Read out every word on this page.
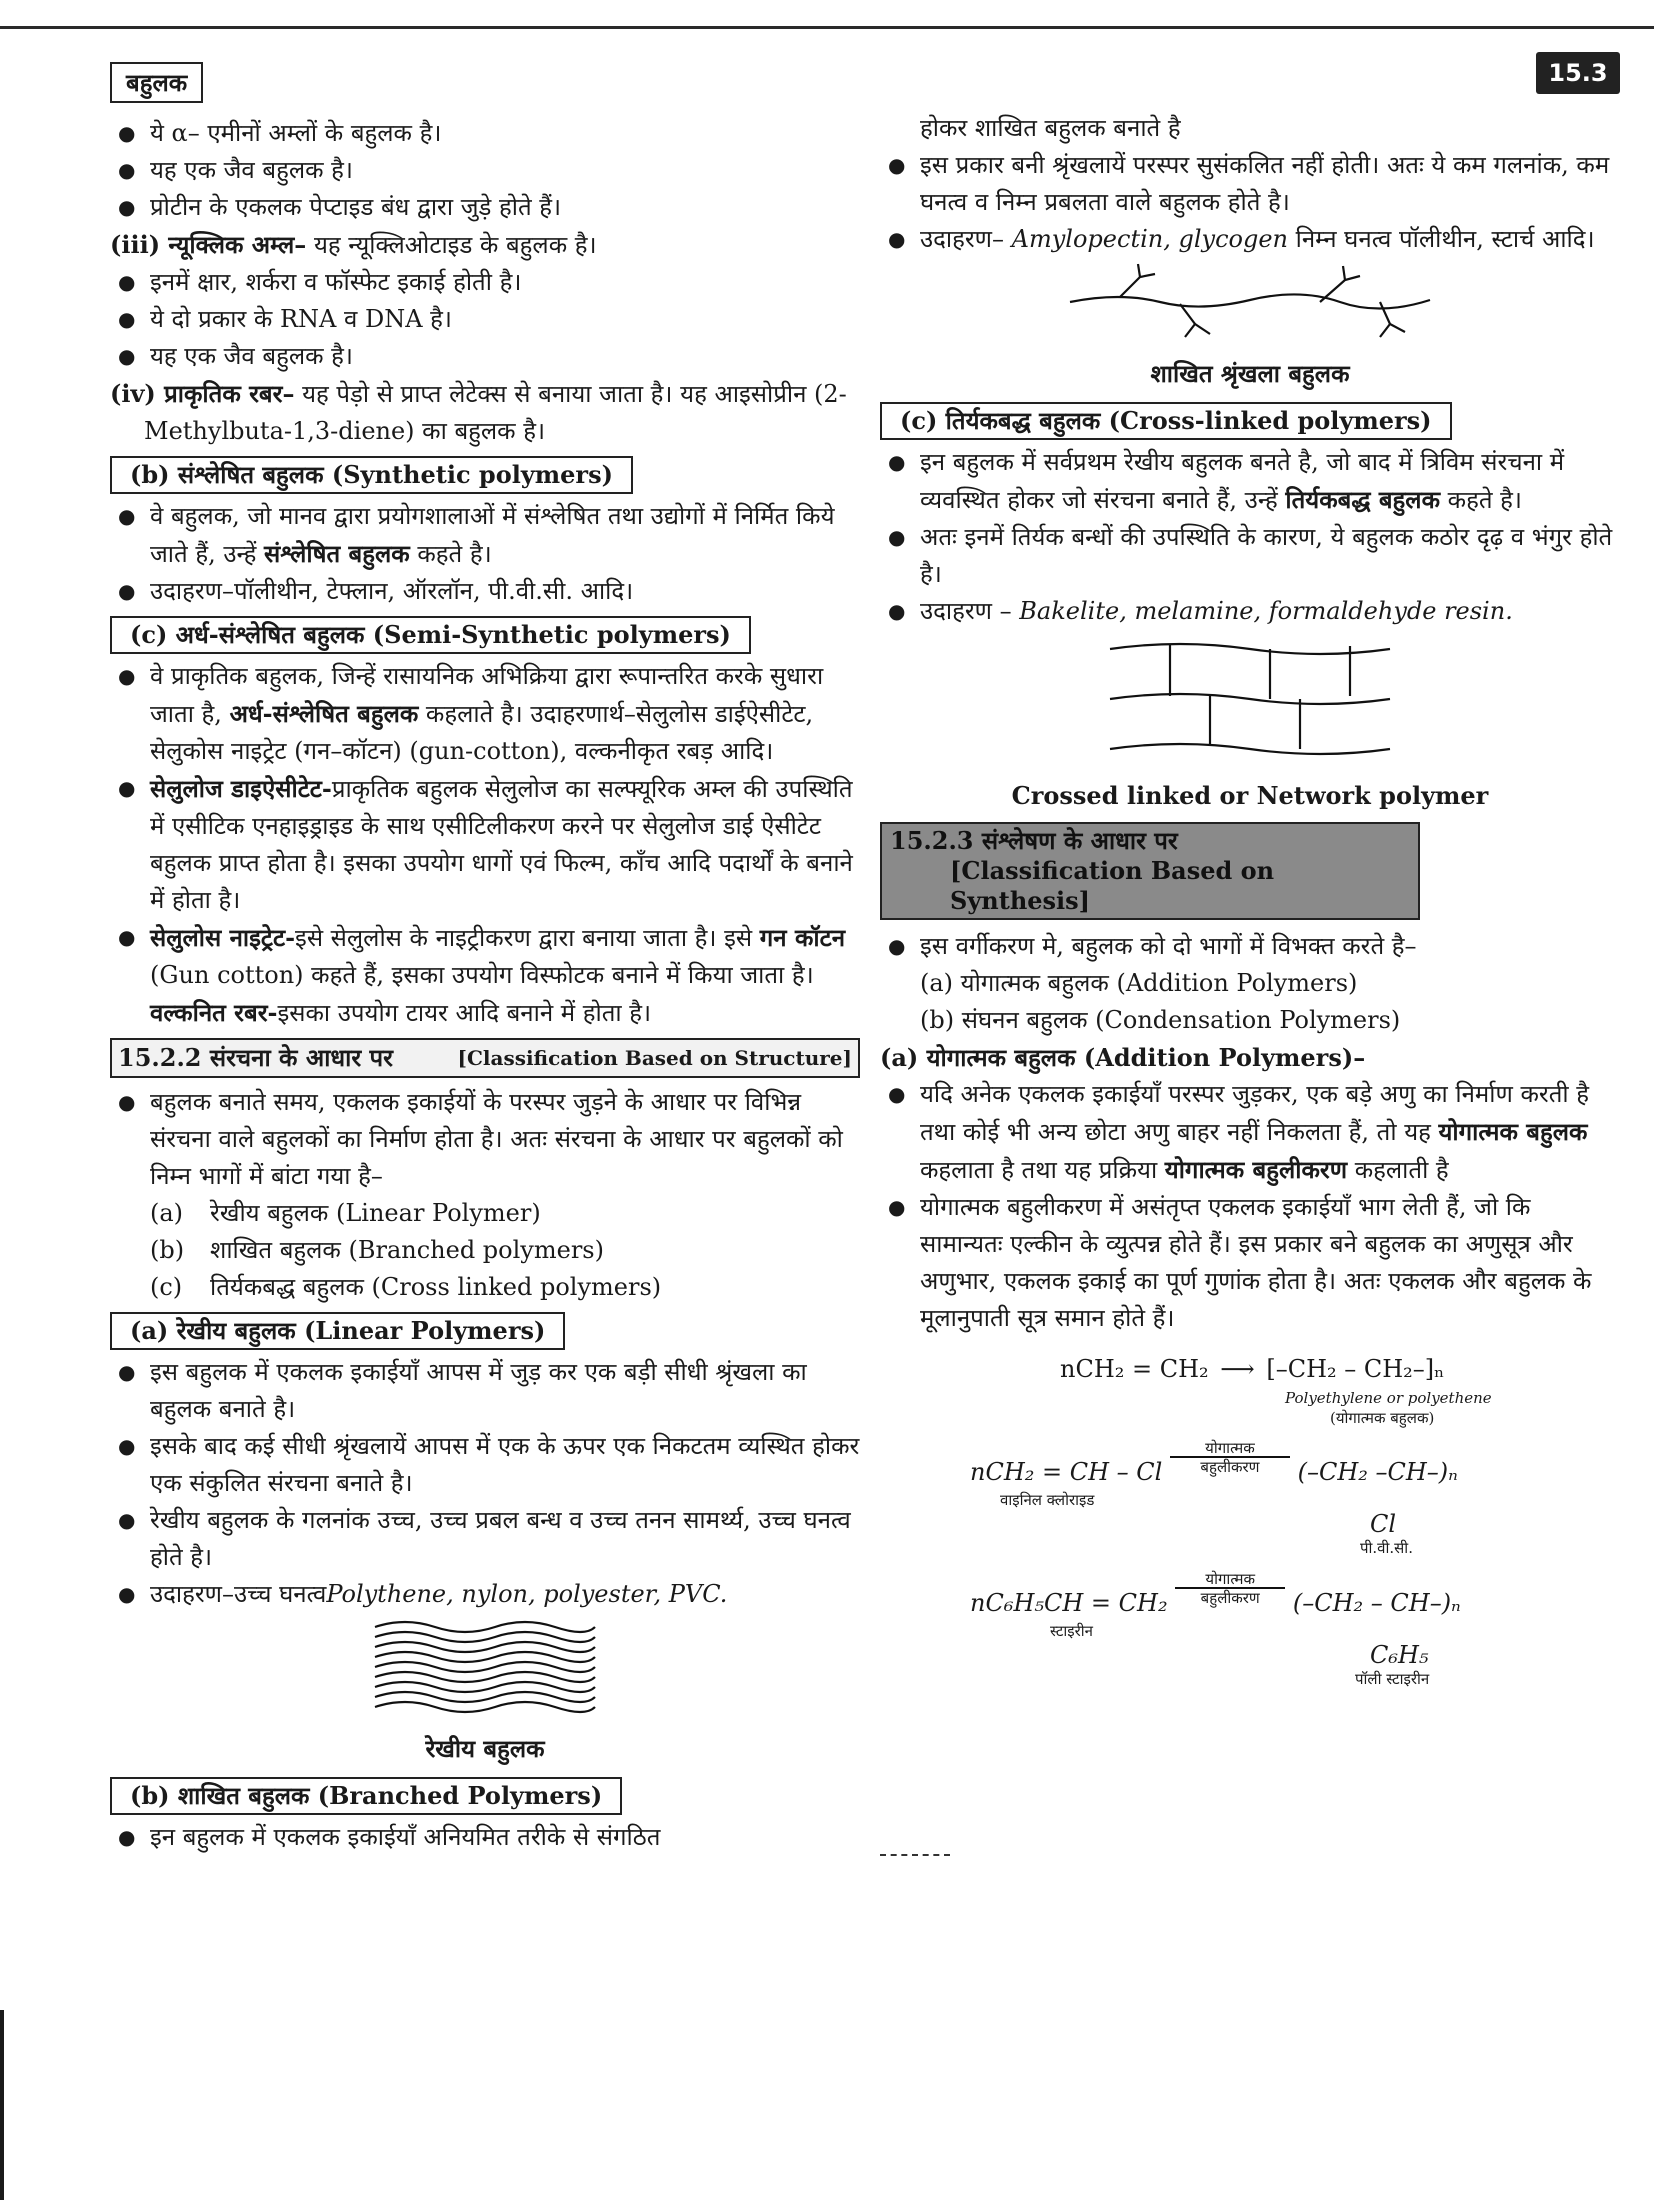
बहुलक	15.3

● ये α– एमीनों अम्लों के बहुलक है।

● यह एक जैव बहुलक है।

● प्रोटीन के एकलक पेप्टाइड बंध द्वारा जुड़े होते हैं।

(iii) न्यूक्लिक अम्ल– यह न्यूक्लिओटाइड के बहुलक है।

● इनमें क्षार, शर्करा व फॉस्फेट इकाई होती है।

● ये दो प्रकार के RNA व DNA है।

● यह एक जैव बहुलक है।

(iv) प्राकृतिक रबर– यह पेड़ो से प्राप्त लेटेक्स से बनाया जाता है। यह आइसोप्रीन (2-Methylbuta-1,3-diene) का बहुलक है।

(b) संश्लेषित बहुलक (Synthetic polymers)

● वे बहुलक, जो मानव द्वारा प्रयोगशालाओं में संश्लेषित तथा उद्योगों में निर्मित किये जाते हैं, उन्हें संश्लेषित बहुलक कहते है।

● उदाहरण–पॉलीथीन, टेफ्लान, ऑरलॉन, पी.वी.सी. आदि।

(c) अर्ध-संश्लेषित बहुलक (Semi-Synthetic polymers)

● वे प्राकृतिक बहुलक, जिन्हें रासायनिक अभिक्रिया द्वारा रूपान्तरित करके सुधारा जाता है, अर्ध-संश्लेषित बहुलक कहलाते है। उदाहरणार्थ–सेलुलोस डाईऐसीटेट, सेलुकोस नाइट्रेट (गन–कॉटन) (gun-cotton), वल्कनीकृत रबड़ आदि।

● सेलुलोज डाइऐसीटेट-प्राकृतिक बहुलक सेलुलोज का सल्फ्यूरिक अम्ल की उपस्थिति में एसीटिक एनहाइड्राइड के साथ एसीटिलीकरण करने पर सेलुलोज डाई ऐसीटेट बहुलक प्राप्त होता है। इसका उपयोग धागों एवं फिल्म, काँच आदि पदार्थों के बनाने में होता है।

● सेलुलोस नाइट्रेट-इसे सेलुलोस के नाइट्रीकरण द्वारा बनाया जाता है। इसे गन कॉटन (Gun cotton) कहते हैं, इसका उपयोग विस्फोटक बनाने में किया जाता है।

वल्कनित रबर-इसका उपयोग टायर आदि बनाने में होता है।

15.2.2 संरचना के आधार पर	[Classification Based on Structure]

● बहुलक बनाते समय, एकलक इकाईयों के परस्पर जुड़ने के आधार पर विभिन्न संरचना वाले बहुलकों का निर्माण होता है। अतः संरचना के आधार पर बहुलकों को निम्न भागों में बांटा गया है–

(a) रेखीय बहुलक (Linear Polymer)

(b) शाखित बहुलक (Branched polymers)

(c) तिर्यकबद्ध बहुलक (Cross linked polymers)

(a) रेखीय बहुलक (Linear Polymers)

● इस बहुलक में एकलक इकाईयाँ आपस में जुड़ कर एक बड़ी सीधी श्रृंखला का बहुलक बनाते है।

● इसके बाद कई सीधी श्रृंखलायें आपस में एक के ऊपर एक निकटतम व्यस्थित होकर एक संकुलित संरचना बनाते है।

● रेखीय बहुलक के गलनांक उच्च, उच्च प्रबल बन्ध व उच्च तनन सामर्थ्य, उच्च घनत्व होते है।

● उदाहरण–उच्च घनत्वPolythene, nylon, polyester, PVC.

रेखीय बहुलक
(b) शाखित बहुलक (Branched Polymers)

● इन बहुलक में एकलक इकाईयाँ अनियमित तरीके से संगठित

होकर शाखित बहुलक बनाते है

● इस प्रकार बनी श्रृंखलायें परस्पर सुसंकलित नहीं होती। अतः ये कम गलनांक, कम घनत्व व निम्न प्रबलता वाले बहुलक होते है।

● उदाहरण– Amylopectin, glycogen निम्न घनत्व पॉलीथीन, स्टार्च आदि।

शाखित श्रृंखला बहुलक
(c) तिर्यकबद्ध बहुलक (Cross-linked polymers)

● इन बहुलक में सर्वप्रथम रेखीय बहुलक बनते है, जो बाद में त्रिविम संरचना में व्यवस्थित होकर जो संरचना बनाते हैं, उन्हें तिर्यकबद्ध बहुलक कहते है।

● अतः इनमें तिर्यक बन्धों की उपस्थिति के कारण, ये बहुलक कठोर दृढ़ व भंगुर होते है।

● उदाहरण – Bakelite, melamine, formaldehyde resin.

Crossed linked or Network polymer
15.2.3 संश्लेषण के आधार पर
[Classification Based on Synthesis]

● इस वर्गीकरण मे, बहुलक को दो भागों में विभक्त करते है–

(a) योगात्मक बहुलक (Addition Polymers)

(b) संघनन बहुलक (Condensation Polymers)

(a) योगात्मक बहुलक (Addition Polymers)–

● यदि अनेक एकलक इकाईयाँ परस्पर जुड़कर, एक बड़े अणु का निर्माण करती है तथा कोई भी अन्य छोटा अणु बाहर नहीं निकलता हैं, तो यह योगात्मक बहुलक कहलाता है तथा यह प्रक्रिया योगात्मक बहुलीकरण कहलाती है

● योगात्मक बहुलीकरण में असंतृप्त एकलक इकाईयाँ भाग लेती हैं, जो कि सामान्यतः एल्कीन के व्युत्पन्न होते हैं। इस प्रकार बने बहुलक का अणुसूत्र और अणुभार, एकलक इकाई का पूर्ण गुणांक होता है। अतः एकलक और बहुलक के मूलानुपाती सूत्र समान होते हैं।

nCH₂ = CH₂ ⟶ [–CH₂ – CH₂–]ₙ
Polyethylene or polyethene
(योगात्मक बहुलक)
nCH₂ = CH – Cl
योगात्मक
बहुलीकरण	(–CH₂ –CH–)ₙ
वाइनिल क्लोराइड
Cl
पी.वी.सी.
nC₆H₅CH = CH₂
योगात्मक
बहुलीकरण	(–CH₂ – CH–)ₙ
स्टाइरीन
C₆H₅
पॉली स्टाइरीन
